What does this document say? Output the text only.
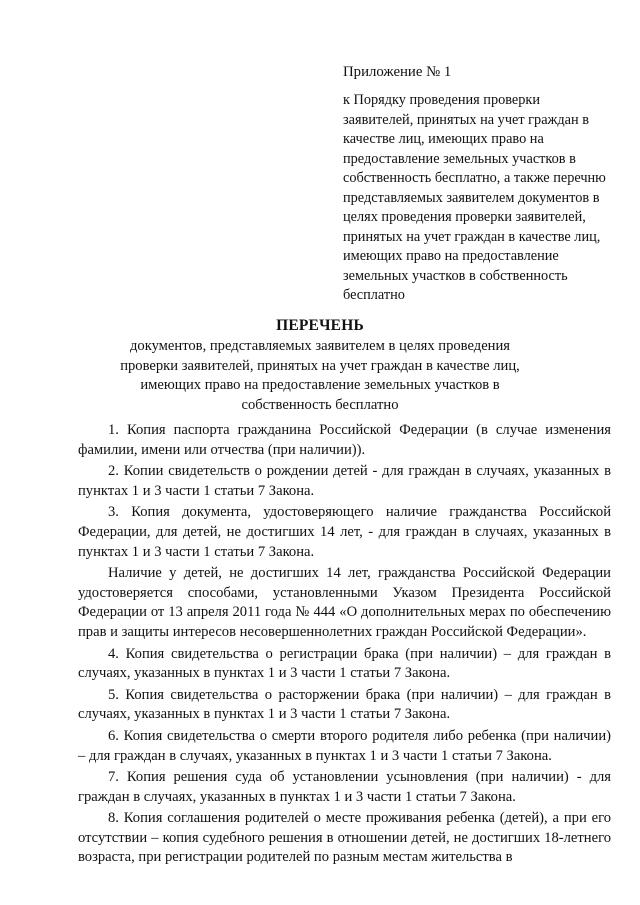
Приложение № 1

к Порядку проведения проверки заявителей, принятых на учет граждан в качестве лиц, имеющих право на предоставление земельных участков в собственность бесплатно, а также перечню представляемых заявителем документов в целях проведения проверки заявителей, принятых на учет граждан в качестве лиц, имеющих право на предоставление земельных участков в собственность бесплатно

ПЕРЕЧЕНЬ

документов, представляемых заявителем в целях проведения проверки заявителей, принятых на учет граждан в качестве лиц, имеющих право на предоставление земельных участков в собственность бесплатно

1. Копия паспорта гражданина Российской Федерации (в случае изменения фамилии, имени или отчества (при наличии)).

2. Копии свидетельств о рождении детей - для граждан в случаях, указанных в пунктах 1 и 3 части 1 статьи 7 Закона.

3. Копия документа, удостоверяющего наличие гражданства Российской Федерации, для детей, не достигших 14 лет, - для граждан в случаях, указанных в пунктах 1 и 3 части 1 статьи 7 Закона.

Наличие у детей, не достигших 14 лет, гражданства Российской Федерации удостоверяется способами, установленными Указом Президента Российской Федерации от 13 апреля 2011 года № 444 «О дополнительных мерах по обеспечению прав и защиты интересов несовершеннолетних граждан Российской Федерации».

4. Копия свидетельства о регистрации брака (при наличии) – для граждан в случаях, указанных в пунктах 1 и 3 части 1 статьи 7 Закона.

5. Копия свидетельства о расторжении брака (при наличии) – для граждан в случаях, указанных в пунктах 1 и 3 части 1 статьи 7 Закона.

6. Копия свидетельства о смерти второго родителя либо ребенка (при наличии) – для граждан в случаях, указанных в пунктах 1 и 3 части 1 статьи 7 Закона.

7. Копия решения суда об установлении усыновления (при наличии) - для граждан в случаях, указанных в пунктах 1 и 3 части 1 статьи 7 Закона.

8. Копия соглашения родителей о месте проживания ребенка (детей), а при его отсутствии – копия судебного решения в отношении детей, не достигших 18-летнего возраста, при регистрации родителей по разным местам жительства в
